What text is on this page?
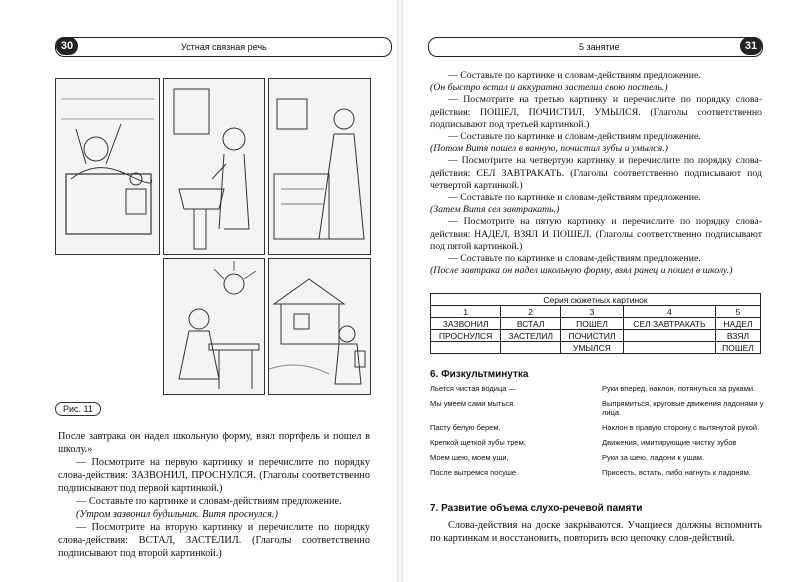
Устная связная речь
30
Рис. 11

После завтрака он надел школьную форму, взял портфель и пошел в школу.»

— Посмотрите на первую картинку и перечислите по порядку слова-действия: ЗАЗВОНИЛ, ПРОСНУЛСЯ. (Глаголы соответственно подписывают под первой картинкой.)

— Составьте по картинке и словам-действиям предложение.

(Утром зазвонил будильник. Витя проснулся.)

— Посмотрите на вторую картинку и перечислите по порядку слова-действия: ВСТАЛ, ЗАСТЕЛИЛ. (Глаголы соответственно подписывают под второй картинкой.)

5 занятие	31

— Составьте по картинке и словам-действиям предложение.

(Он быстро встал и аккуратно застелил свою постель.)

— Посмотрите на третью картинку и перечислите по порядку слова-действия: ПОШЕЛ, ПОЧИСТИЛ, УМЫЛСЯ. (Глаголы соответственно подписывают под третьей картинкой.)

— Составьте по картинке и словам-действиям предложение.

(Потом Витя пошел в ванную, почистил зубы и умылся.)

— Посмотрите на четвертую картинку и перечислите по порядку слова-действия: СЕЛ ЗАВТРАКАТЬ. (Глаголы соответственно подписывают под четвертой картинкой.)

— Составьте по картинке и словам-действиям предложение.

(Затем Витя сел завтракать.)

— Посмотрите на пятую картинку и перечислите по порядку слова-действия: НАДЕЛ, ВЗЯЛ И ПОШЕЛ. (Глаголы соответственно подписывают под пятой картинкой.)

— Составьте по картинке и словам-действиям предложение.

(После завтрака он надел школьную форму, взял ранец и пошел в школу.)

Серия сюжетных картинок				
1	2	3	4	5
ЗАЗВОНИЛ	ВСТАЛ	ПОШЕЛ	СЕЛ ЗАВТРАКАТЬ	НАДЕЛ
ПРОСНУЛСЯ	ЗАСТЕЛИЛ	ПОЧИСТИЛ		ВЗЯЛ
		УМЫЛСЯ		ПОШЕЛ
6. Физкультминутка
Льется чистая водица —	Руки вперед, наклон, потянуться за руками.
Мы умеем сами мыться.	Выпрямиться, круговые движения ладонями у лица.
Пасту белую берем,	Наклон в правую сторону с вытянутой рукой.
Крепкой щеткой зубы трем.	Движения, имитирующие чистку зубов
Моем шею, моем уши,	Руки за шею, ладони к ушам.
После вытремся посуше.	Присесть, встать, либо нагнуть к ладоням.
7. Развитие объема слухо-речевой памяти

Слова-действия на доске закрываются. Учащиеся должны вспомнить по картинкам и восстановить, повторить всю цепочку слов-действий.
